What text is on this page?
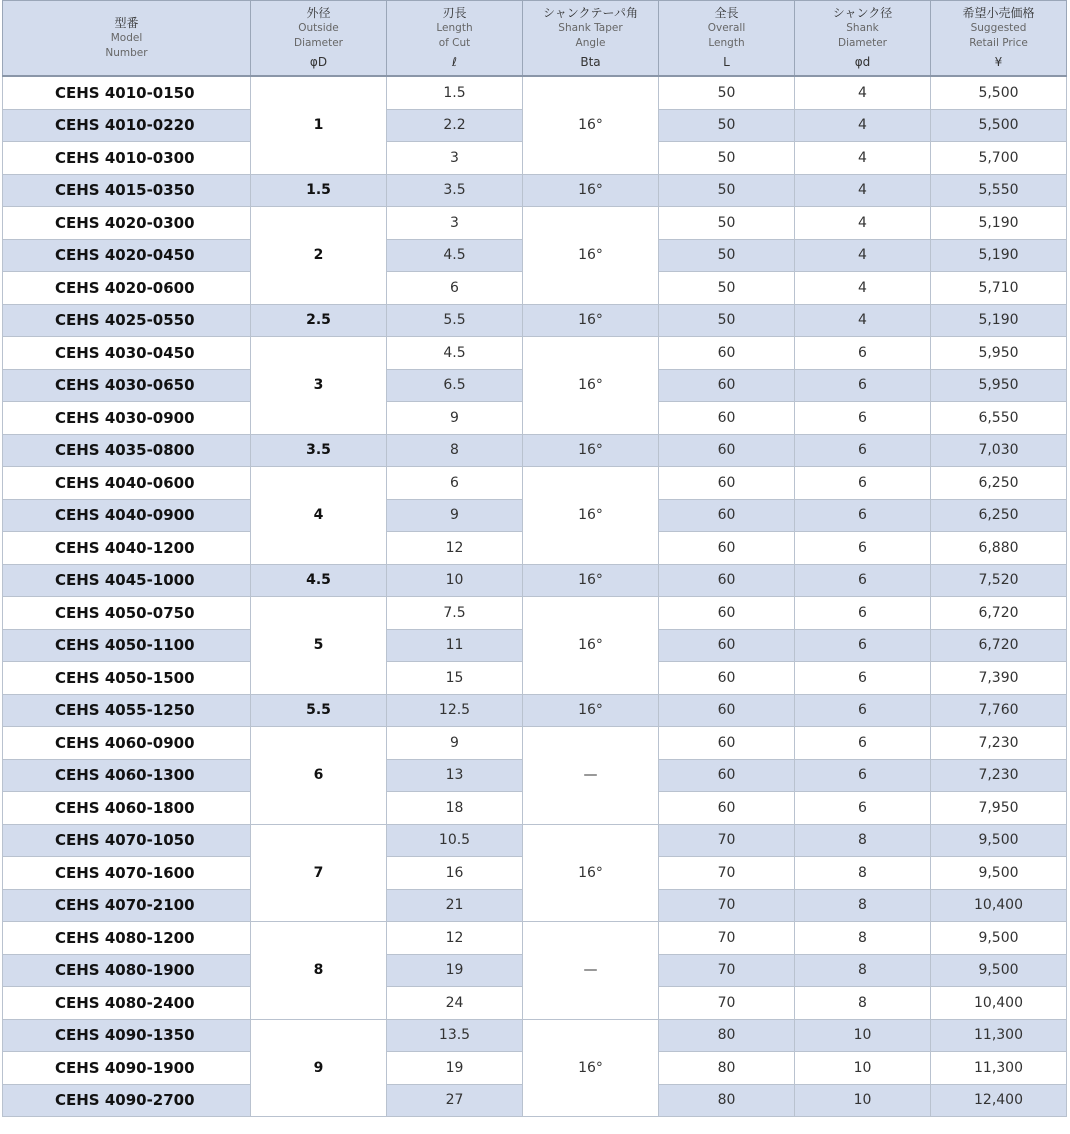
型番
Model
Number	外径
Outside
Diameter
φD	刃長
Length
of Cut
ℓ	シャンクテーパ角
Shank Taper
Angle
Bta	全長
Overall
Length
L	シャンク径
Shank
Diameter
φd	希望小売価格
Suggested
Retail Price
¥

CEHS 4010-0150	1	1.5	16°	50	4	5,500
CEHS 4010-0220		2.2		50	4	5,500
CEHS 4010-0300		3		50	4	5,700
CEHS 4015-0350	1.5	3.5	16°	50	4	5,550
CEHS 4020-0300	2	3	16°	50	4	5,190
CEHS 4020-0450		4.5		50	4	5,190
CEHS 4020-0600		6		50	4	5,710
CEHS 4025-0550	2.5	5.5	16°	50	4	5,190
CEHS 4030-0450	3	4.5	16°	60	6	5,950
CEHS 4030-0650		6.5		60	6	5,950
CEHS 4030-0900		9		60	6	6,550
CEHS 4035-0800	3.5	8	16°	60	6	7,030
CEHS 4040-0600	4	6	16°	60	6	6,250
CEHS 4040-0900		9		60	6	6,250
CEHS 4040-1200		12		60	6	6,880
CEHS 4045-1000	4.5	10	16°	60	6	7,520
CEHS 4050-0750	5	7.5	16°	60	6	6,720
CEHS 4050-1100		11		60	6	6,720
CEHS 4050-1500		15		60	6	7,390
CEHS 4055-1250	5.5	12.5	16°	60	6	7,760
CEHS 4060-0900	6	9	—	60	6	7,230
CEHS 4060-1300		13		60	6	7,230
CEHS 4060-1800		18		60	6	7,950
CEHS 4070-1050	7	10.5	16°	70	8	9,500
CEHS 4070-1600		16		70	8	9,500
CEHS 4070-2100		21		70	8	10,400
CEHS 4080-1200	8	12	—	70	8	9,500
CEHS 4080-1900		19		70	8	9,500
CEHS 4080-2400		24		70	8	10,400
CEHS 4090-1350	9	13.5	16°	80	10	11,300
CEHS 4090-1900		19		80	10	11,300
CEHS 4090-2700		27		80	10	12,400
